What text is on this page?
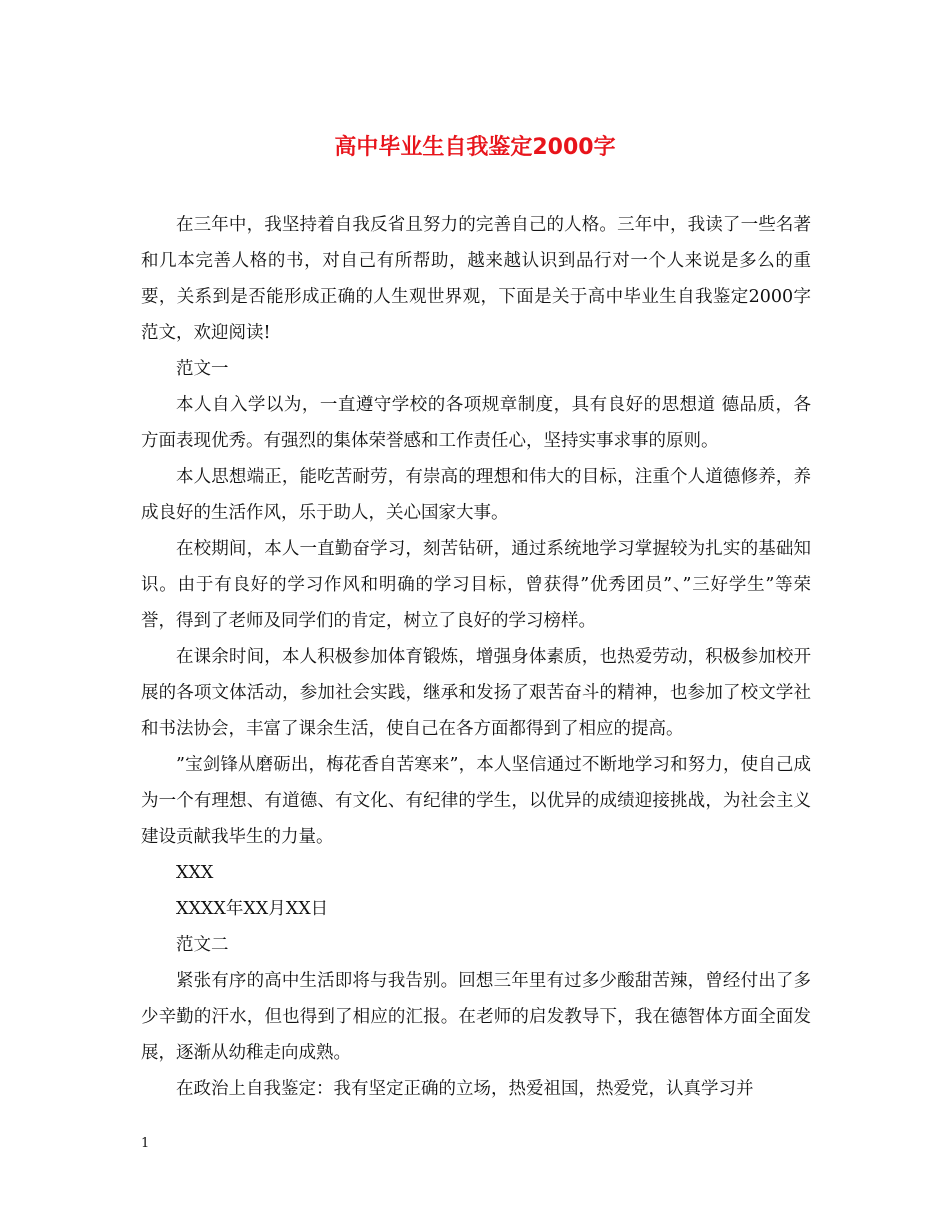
高中毕业生自我鉴定2000字

在三年中，我坚持着自我反省且努力的完善自己的人格。三年中，我读了一些名著和几本完善人格的书，对自己有所帮助，越来越认识到品行对一个人来说是多么的重要，关系到是否能形成正确的人生观世界观，下面是关于高中毕业生自我鉴定2000字范文，欢迎阅读!

范文一

本人自入学以为，一直遵守学校的各项规章制度，具有良好的思想道 德品质，各方面表现优秀。有强烈的集体荣誉感和工作责任心，坚持实事求事的原则。

本人思想端正，能吃苦耐劳，有崇高的理想和伟大的目标，注重个人道德修养，养成良好的生活作风，乐于助人，关心国家大事。

在校期间，本人一直勤奋学习，刻苦钻研，通过系统地学习掌握较为扎实的基础知识。由于有良好的学习作风和明确的学习目标，曾获得”优秀团员”、”三好学生”等荣誉，得到了老师及同学们的肯定，树立了良好的学习榜样。

在课余时间，本人积极参加体育锻炼，增强身体素质，也热爱劳动，积极参加校开展的各项文体活动，参加社会实践，继承和发扬了艰苦奋斗的精神，也参加了校文学社和书法协会，丰富了课余生活，使自己在各方面都得到了相应的提高。

”宝剑锋从磨砺出，梅花香自苦寒来”，本人坚信通过不断地学习和努力，使自己成为一个有理想、有道德、有文化、有纪律的学生，以优异的成绩迎接挑战，为社会主义建设贡献我毕生的力量。

XXX

XXXX年XX月XX日

范文二

紧张有序的高中生活即将与我告别。回想三年里有过多少酸甜苦辣，曾经付出了多少辛勤的汗水，但也得到了相应的汇报。在老师的启发教导下，我在德智体方面全面发展，逐渐从幼稚走向成熟。

在政治上自我鉴定：我有坚定正确的立场，热爱祖国，热爱党，认真学习并

1
